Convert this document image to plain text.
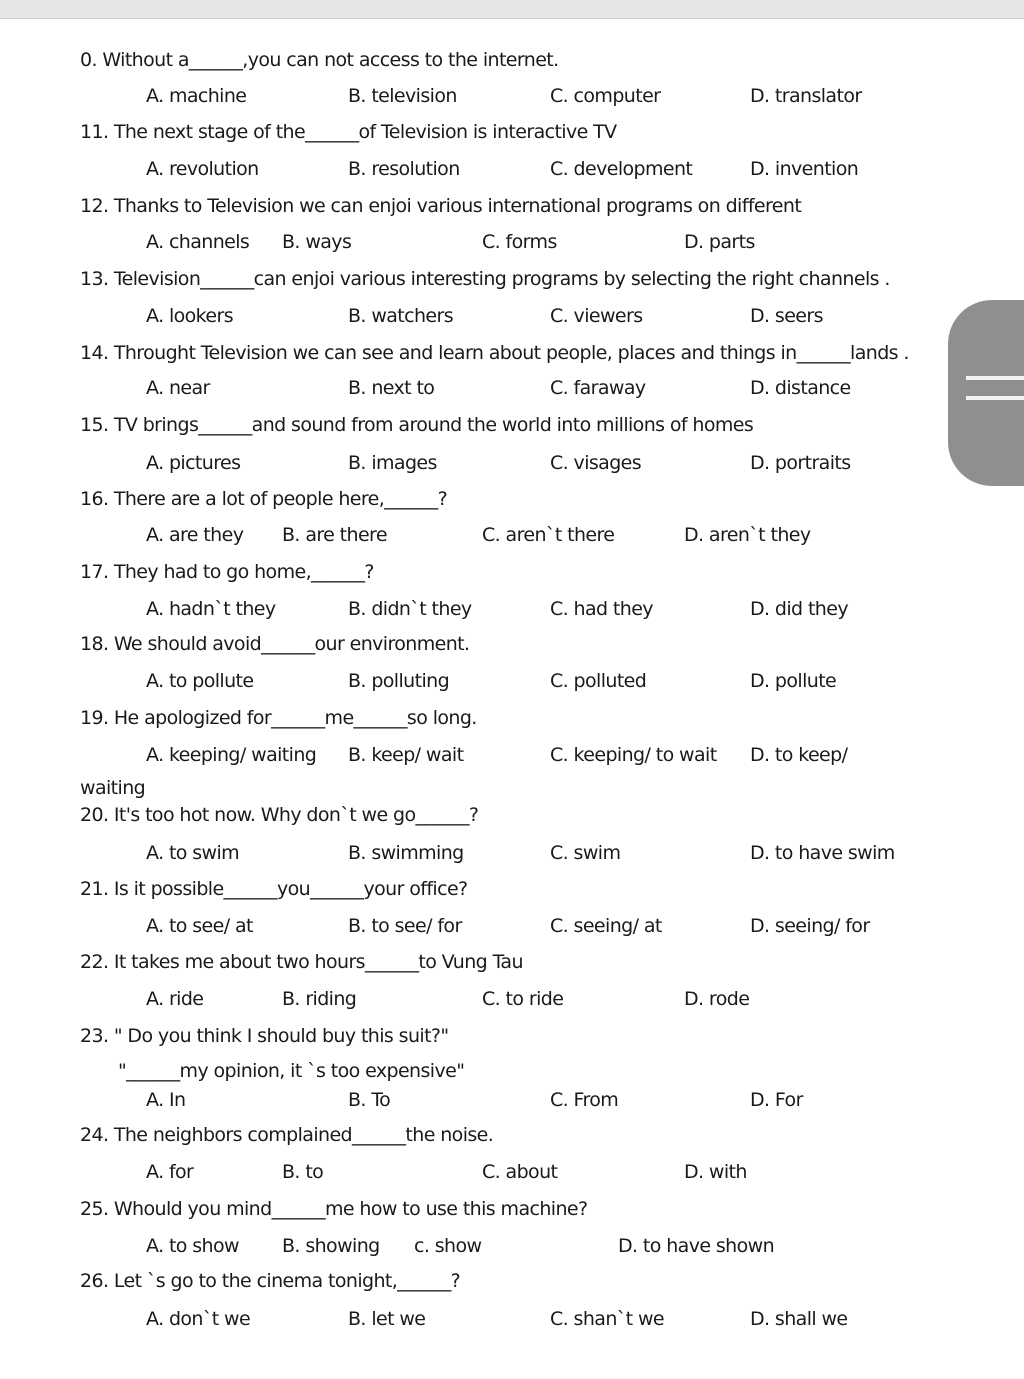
0. Without a______,you can not access to the internet.
A. machine	B. television	C. computer	D. translator
11. The next stage of the______of Television is interactive TV
A. revolution	B. resolution	C. development	D. invention
12. Thanks to Television we can enjoi various international programs on different
A. channels B. ways	C. forms	D. parts
13. Television______can enjoi various interesting programs by selecting the right channels .
A. lookers	B. watchers	C. viewers	D. seers
14. Throught Television we can see and learn about people, places and things in______lands .
A. near	B. next to	C. faraway	D. distance
15. TV brings______and sound from around the world into millions of homes
A. pictures	B. images	C. visages	D. portraits
16. There are a lot of people here,______?
A. are they B. are there	C. aren`t there	D. aren`t they
17. They had to go home,______?
A. hadn`t they	B. didn`t they	C. had they	D. did they
18. We should avoid______our environment.
A. to pollute	B. polluting	C. polluted	D. pollute
19. He apologized for______me______so long.
A. keeping/ waiting B. keep/ wait	C. keeping/ to wait D. to keep/
waiting
20. It's too hot now. Why don`t we go______?
A. to swim	B. swimming	C. swim	D. to have swim
21. Is it possible______you______your office?
A. to see/ at	B. to see/ for	C. seeing/ at	D. seeing/ for
22. It takes me about two hours______to Vung Tau
A. ride	B. riding	C. to ride	D. rode
23. " Do you think I should buy this suit?"
"______my opinion, it `s too expensive"
A. In	B. To	C. From	D. For
24. The neighbors complained______the noise.
A. for	B. to	C. about	D. with
25. Whould you mind______me how to use this machine?
A. to show B. showing c. show	D. to have shown
26. Let `s go to the cinema tonight,______?
A. don`t we	B. let we	C. shan`t we	D. shall we
